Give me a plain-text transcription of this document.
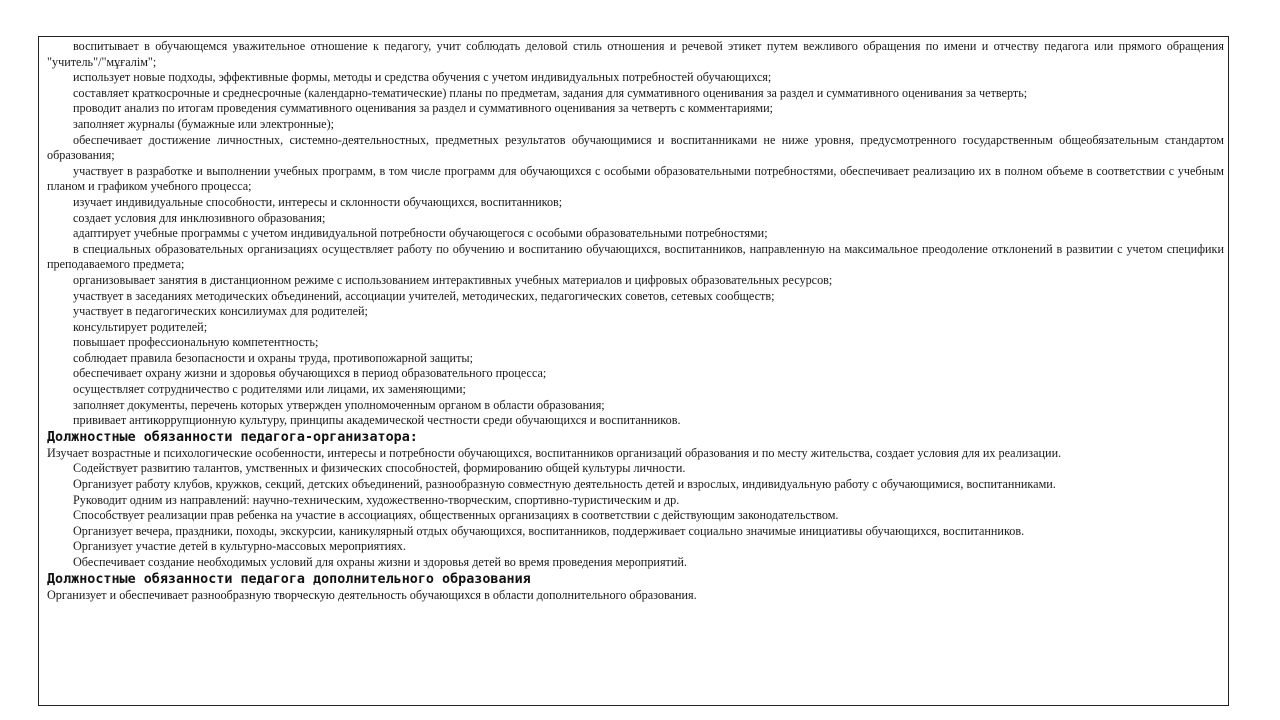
воспитывает в обучающемся уважительное отношение к педагогу, учит соблюдать деловой стиль отношения и речевой этикет путем вежливого обращения по имени и отчеству педагога или прямого обращения "учитель"/"мұғалім";

использует новые подходы, эффективные формы, методы и средства обучения с учетом индивидуальных потребностей обучающихся;

составляет краткосрочные и среднесрочные (календарно-тематические) планы по предметам, задания для суммативного оценивания за раздел и суммативного оценивания за четверть;

проводит анализ по итогам проведения суммативного оценивания за раздел и суммативного оценивания за четверть с комментариями;

заполняет журналы (бумажные или электронные);

обеспечивает достижение личностных, системно-деятельностных, предметных результатов обучающимися и воспитанниками не ниже уровня, предусмотренного государственным общеобязательным стандартом образования;

участвует в разработке и выполнении учебных программ, в том числе программ для обучающихся с особыми образовательными потребностями, обеспечивает реализацию их в полном объеме в соответствии с учебным планом и графиком учебного процесса;

изучает индивидуальные способности, интересы и склонности обучающихся, воспитанников;

создает условия для инклюзивного образования;

адаптирует учебные программы с учетом индивидуальной потребности обучающегося с особыми образовательными потребностями;

в специальных образовательных организациях осуществляет работу по обучению и воспитанию обучающихся, воспитанников, направленную на максимальное преодоление отклонений в развитии с учетом специфики преподаваемого предмета;

организовывает занятия в дистанционном режиме с использованием интерактивных учебных материалов и цифровых образовательных ресурсов;

участвует в заседаниях методических объединений, ассоциации учителей, методических, педагогических советов, сетевых сообществ;

участвует в педагогических консилиумах для родителей;

консультирует родителей;

повышает профессиональную компетентность;

соблюдает правила безопасности и охраны труда, противопожарной защиты;

обеспечивает охрану жизни и здоровья обучающихся в период образовательного процесса;

осуществляет сотрудничество с родителями или лицами, их заменяющими;

заполняет документы, перечень которых утвержден уполномоченным органом в области образования;

прививает антикоррупционную культуру, принципы академической честности среди обучающихся и воспитанников.

Должностные обязанности педагога-организатора:

Изучает возрастные и психологические особенности, интересы и потребности обучающихся, воспитанников организаций образования и по месту жительства, создает условия для их реализации.

Содействует развитию талантов, умственных и физических способностей, формированию общей культуры личности.

Организует работу клубов, кружков, секций, детских объединений, разнообразную совместную деятельность детей и взрослых, индивидуальную работу с обучающимися, воспитанниками.

Руководит одним из направлений: научно-техническим, художественно-творческим, спортивно-туристическим и др.

Способствует реализации прав ребенка на участие в ассоциациях, общественных организациях в соответствии с действующим законодательством.

Организует вечера, праздники, походы, экскурсии, каникулярный отдых обучающихся, воспитанников, поддерживает социально значимые инициативы обучающихся, воспитанников.

Организует участие детей в культурно-массовых мероприятиях.

Обеспечивает создание необходимых условий для охраны жизни и здоровья детей во время проведения мероприятий.

Должностные обязанности педагога дополнительного образования

Организует и обеспечивает разнообразную творческую деятельность обучающихся в области дополнительного образования.
